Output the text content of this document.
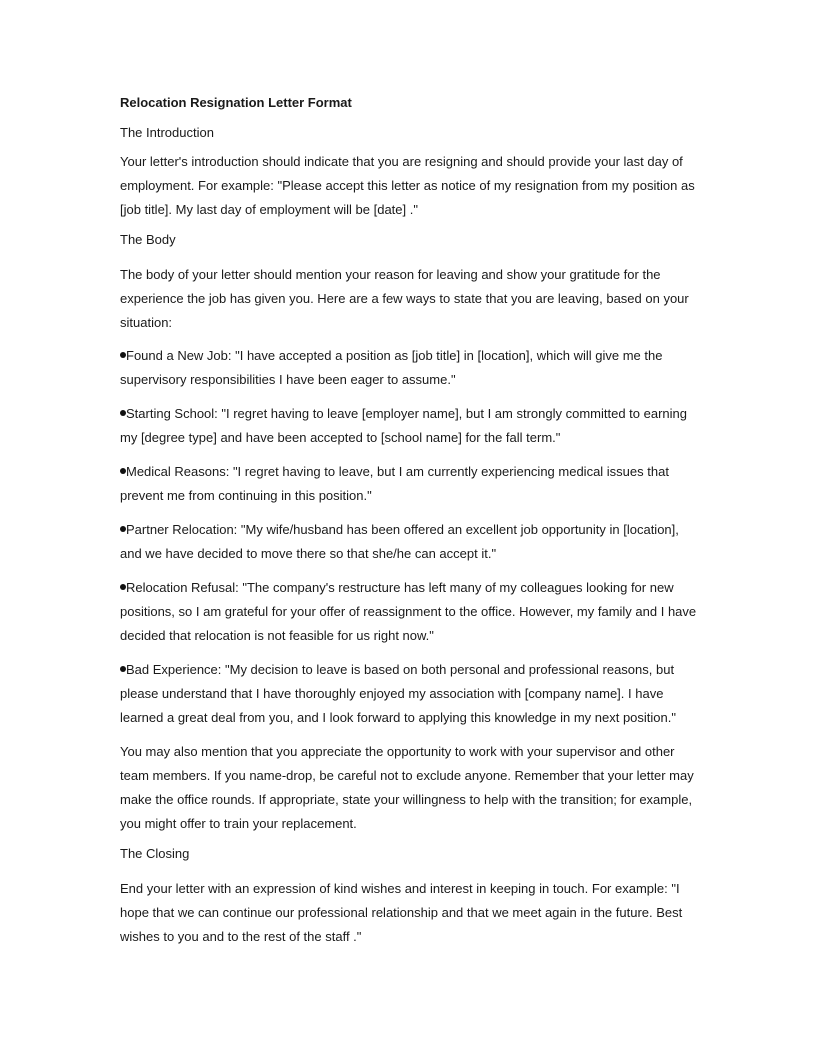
Relocation Resignation Letter Format
The Introduction
Your letter's introduction should indicate that you are resigning and should provide your last day of employment. For example: "Please accept this letter as notice of my resignation from my position as [job title]. My last day of employment will be [date] ."
The Body
The body of your letter should mention your reason for leaving and show your gratitude for the experience the job has given you. Here are a few ways to state that you are leaving, based on your situation:
Found a New Job: "I have accepted a position as [job title] in [location], which will give me the supervisory responsibilities I have been eager to assume."
Starting School: "I regret having to leave [employer name], but I am strongly committed to earning my [degree type] and have been accepted to [school name] for the fall term."
Medical Reasons: "I regret having to leave, but I am currently experiencing medical issues that prevent me from continuing in this position."
Partner Relocation: "My wife/husband has been offered an excellent job opportunity in [location], and we have decided to move there so that she/he can accept it."
Relocation Refusal: "The company's restructure has left many of my colleagues looking for new positions, so I am grateful for your offer of reassignment to the office. However, my family and I have decided that relocation is not feasible for us right now."
Bad Experience: "My decision to leave is based on both personal and professional reasons, but please understand that I have thoroughly enjoyed my association with [company name]. I have learned a great deal from you, and I look forward to applying this knowledge in my next position."
You may also mention that you appreciate the opportunity to work with your supervisor and other team members. If you name-drop, be careful not to exclude anyone. Remember that your letter may make the office rounds. If appropriate, state your willingness to help with the transition; for example, you might offer to train your replacement.
The Closing
End your letter with an expression of kind wishes and interest in keeping in touch. For example: "I hope that we can continue our professional relationship and that we meet again in the future. Best wishes to you and to the rest of the staff ."
